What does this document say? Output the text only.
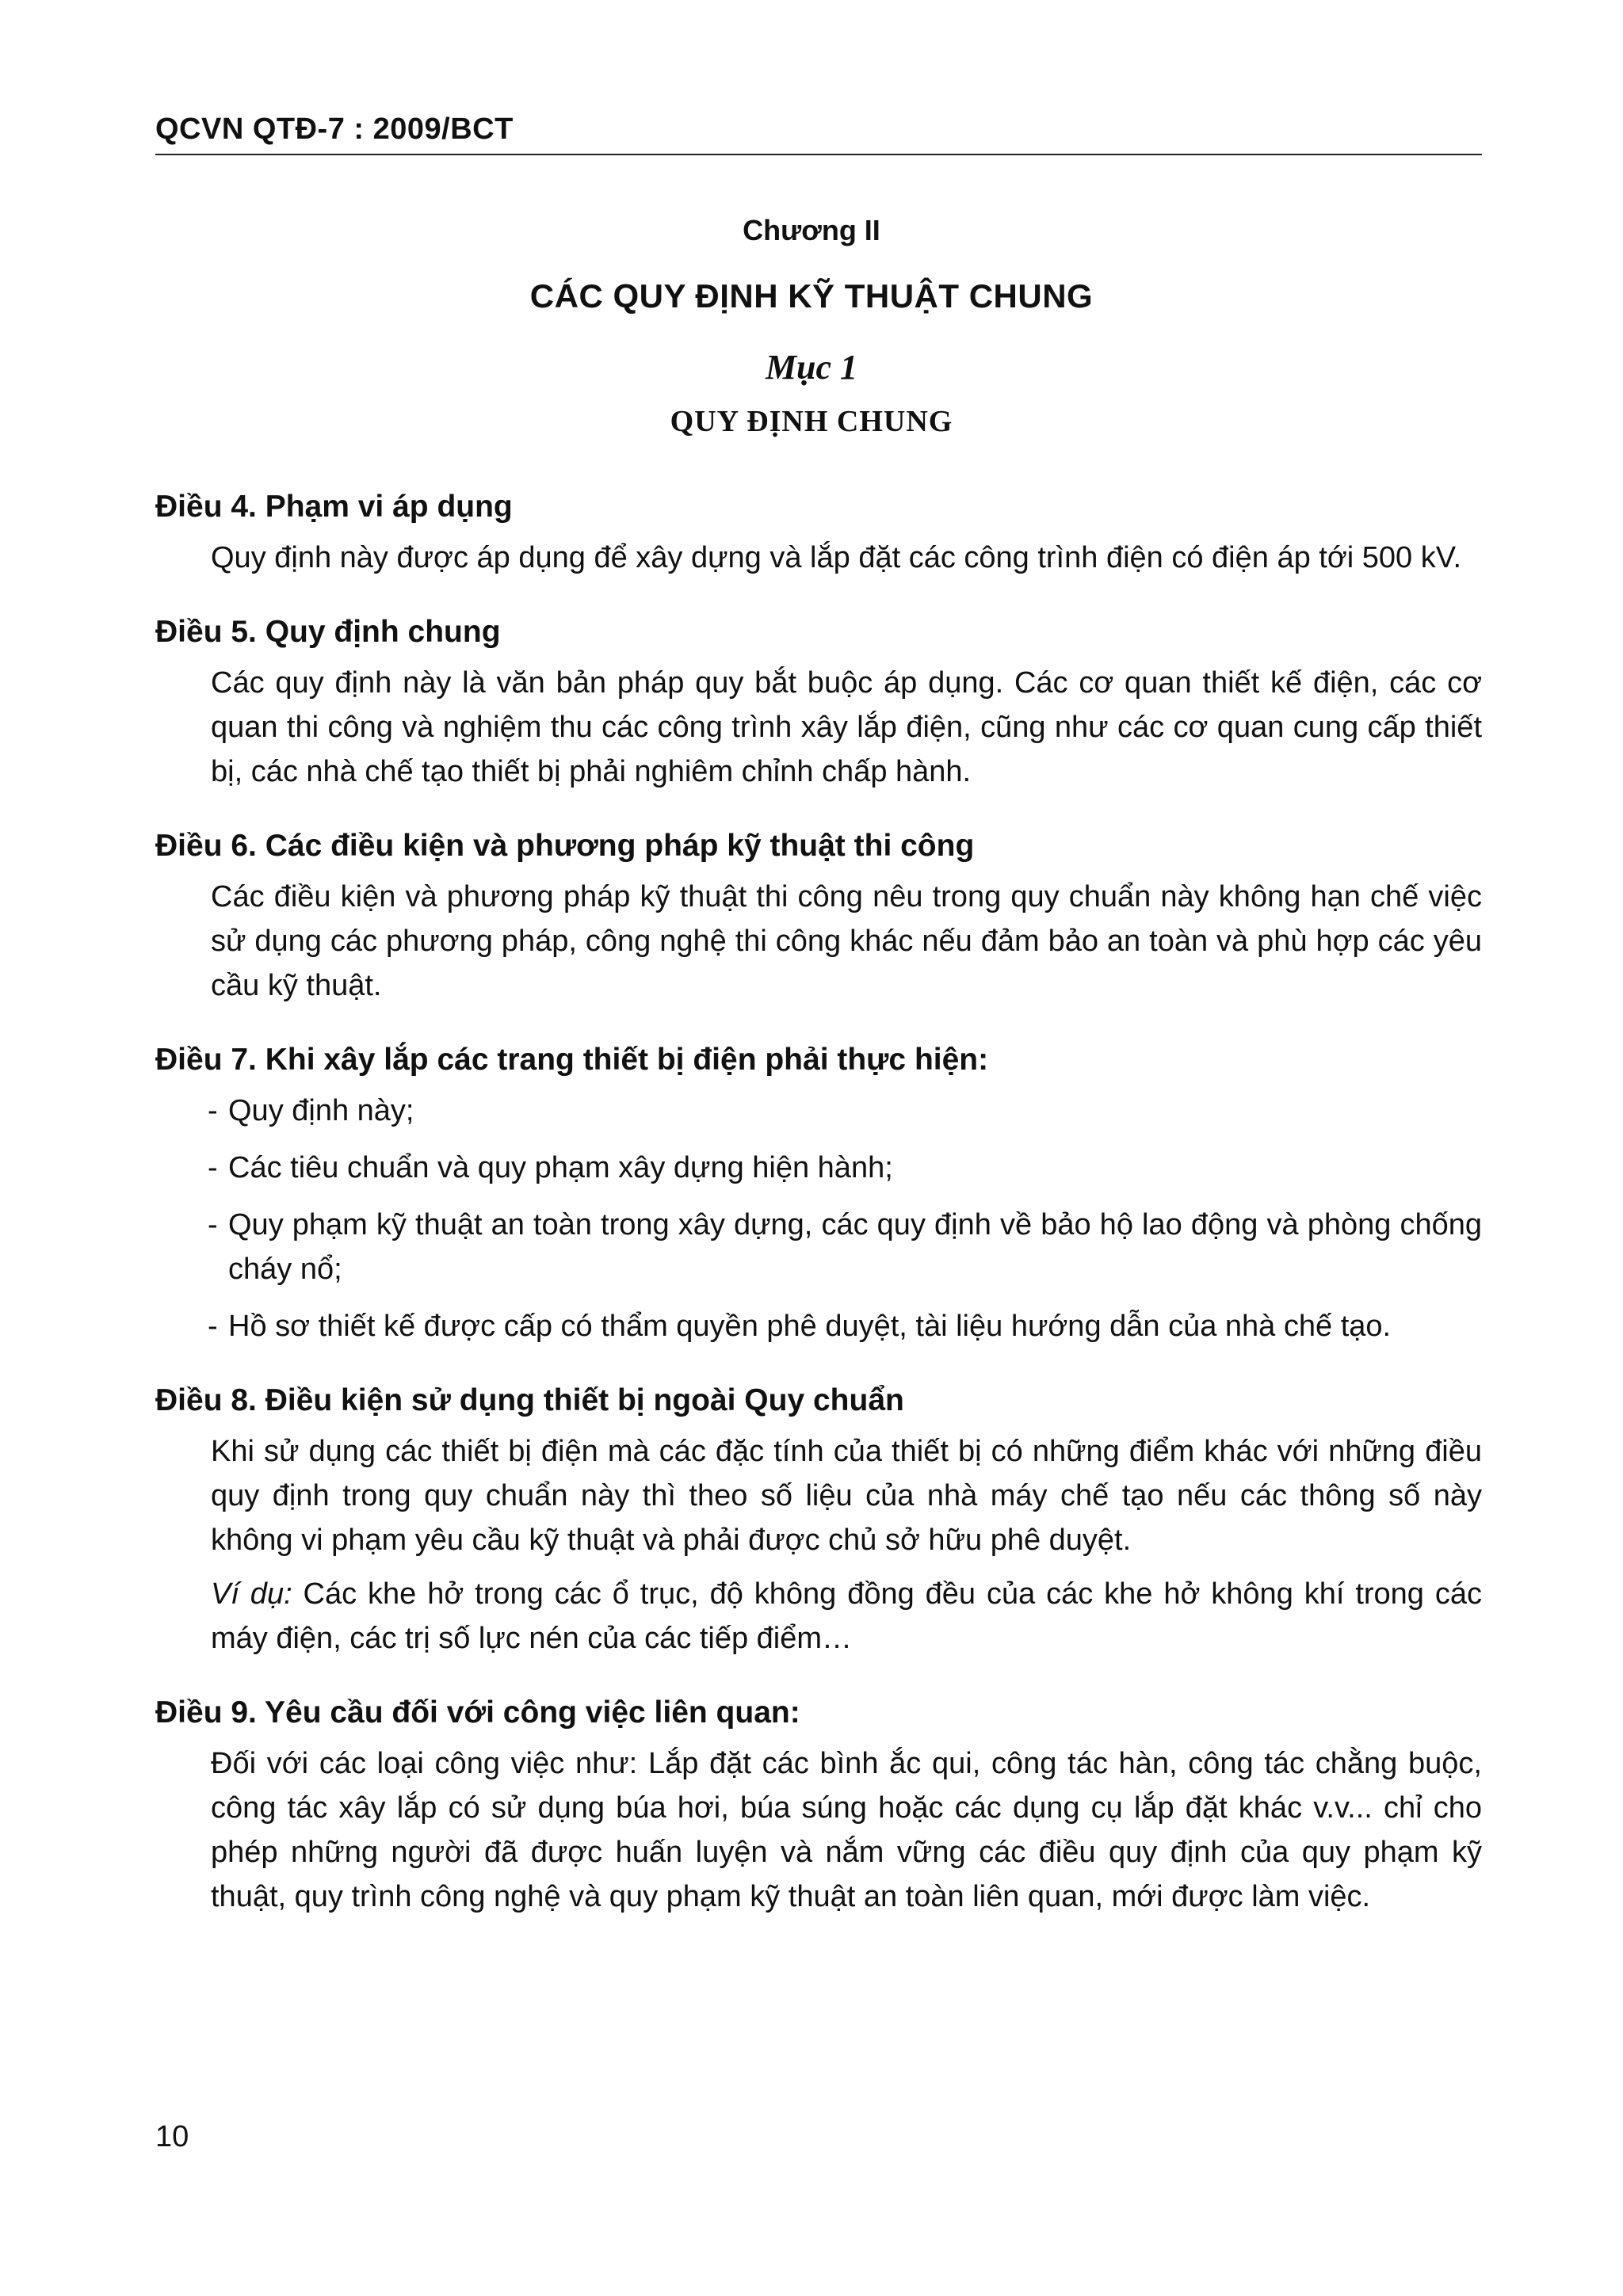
QCVN QTĐ-7 : 2009/BCT
Chương II
CÁC QUY ĐỊNH KỸ THUẬT CHUNG
Mục 1
QUY ĐỊNH CHUNG
Điều 4. Phạm vi áp dụng

Quy định này được áp dụng để xây dựng và lắp đặt các công trình điện có điện áp tới 500 kV.

Điều 5. Quy định chung

Các quy định này là văn bản pháp quy bắt buộc áp dụng. Các cơ quan thiết kế điện, các cơ quan thi công và nghiệm thu các công trình xây lắp điện, cũng như các cơ quan cung cấp thiết bị, các nhà chế tạo thiết bị phải nghiêm chỉnh chấp hành.

Điều 6. Các điều kiện và phương pháp kỹ thuật thi công

Các điều kiện và phương pháp kỹ thuật thi công nêu trong quy chuẩn này không hạn chế việc sử dụng các phương pháp, công nghệ thi công khác nếu đảm bảo an toàn và phù hợp các yêu cầu kỹ thuật.

Điều 7. Khi xây lắp các trang thiết bị điện phải thực hiện:
- Quy định này;
- Các tiêu chuẩn và quy phạm xây dựng hiện hành;
- Quy phạm kỹ thuật an toàn trong xây dựng, các quy định về bảo hộ lao động và phòng chống cháy nổ;
- Hồ sơ thiết kế được cấp có thẩm quyền phê duyệt, tài liệu hướng dẫn của nhà chế tạo.
Điều 8. Điều kiện sử dụng thiết bị ngoài Quy chuẩn

Khi sử dụng các thiết bị điện mà các đặc tính của thiết bị có những điểm khác với những điều quy định trong quy chuẩn này thì theo số liệu của nhà máy chế tạo nếu các thông số này không vi phạm yêu cầu kỹ thuật và phải được chủ sở hữu phê duyệt.

Ví dụ: Các khe hở trong các ổ trục, độ không đồng đều của các khe hở không khí trong các máy điện, các trị số lực nén của các tiếp điểm…

Điều 9. Yêu cầu đối với công việc liên quan:

Đối với các loại công việc như: Lắp đặt các bình ắc qui, công tác hàn, công tác chằng buộc, công tác xây lắp có sử dụng búa hơi, búa súng hoặc các dụng cụ lắp đặt khác v.v... chỉ cho phép những người đã được huấn luyện và nắm vững các điều quy định của quy phạm kỹ thuật, quy trình công nghệ và quy phạm kỹ thuật an toàn liên quan, mới được làm việc.

10
